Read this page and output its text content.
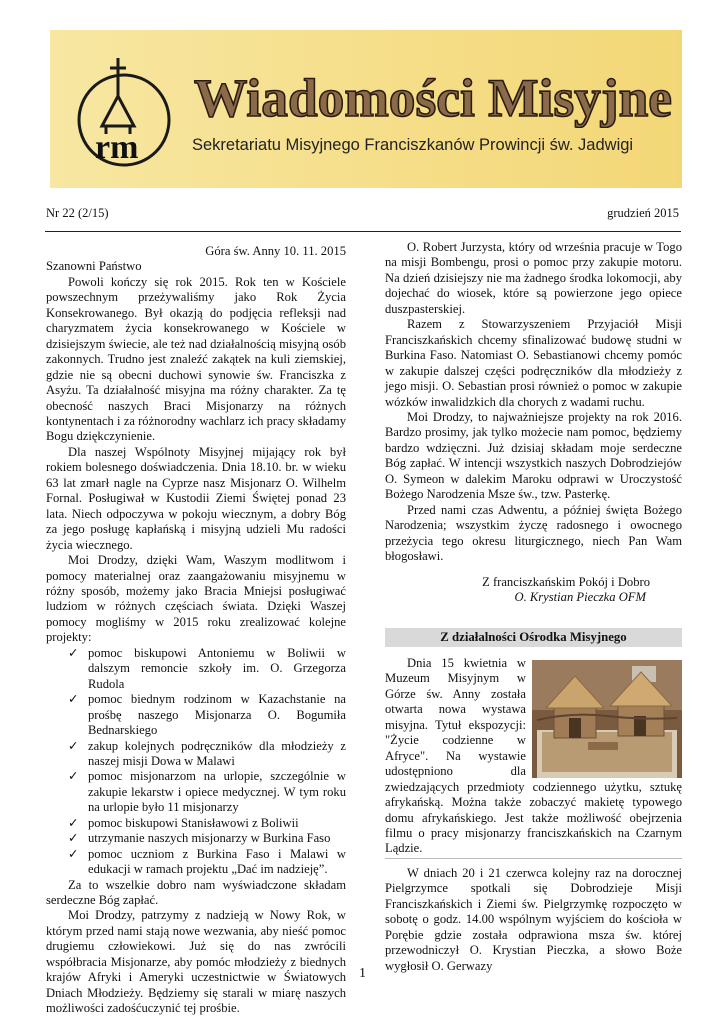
rm
Wiadomości Misyjne
Sekretariatu Misyjnego Franciszkanów Prowincji św. Jadwigi
Nr 22 (2/15)	grudzień 2015

Góra św. Anny 10. 11. 2015

Szanowni Państwo

Powoli kończy się rok 2015. Rok ten w Kościele powszechnym przeżywaliśmy jako Rok Życia Konsekrowanego. Był okazją do podjęcia refleksji nad charyzmatem życia konsekrowanego w Kościele w dzisiejszym świecie, ale też nad działalnością misyjną osób zakonnych. Trudno jest znaleźć zakątek na kuli ziemskiej, gdzie nie są obecni duchowi synowie św. Franciszka z Asyżu. Ta działalność misyjna ma różny charakter. Za tę obecność naszych Braci Misjonarzy na różnych kontynentach i za różnorodny wachlarz ich pracy składamy Bogu dziękczynienie.

Dla naszej Wspólnoty Misyjnej mijający rok był rokiem bolesnego doświadczenia. Dnia 18.10. br. w wieku 63 lat zmarł nagle na Cyprze nasz Misjonarz O. Wilhelm Fornal. Posługiwał w Kustodii Ziemi Świętej ponad 23 lata. Niech odpoczywa w pokoju wiecznym, a dobry Bóg za jego posługę kapłańską i misyjną udzieli Mu radości życia wiecznego.

Moi Drodzy, dzięki Wam, Waszym modlitwom i pomocy materialnej oraz zaangażowaniu misyjnemu w różny sposób, możemy jako Bracia Mniejsi posługiwać ludziom w różnych częściach świata. Dzięki Waszej pomocy mogliśmy w 2015 roku zrealizować kolejne projekty:

✓ pomoc biskupowi Antoniemu w Boliwii w dalszym remoncie szkoły im. O. Grzegorza Rudola
✓ pomoc biednym rodzinom w Kazachstanie na prośbę naszego Misjonarza O. Bogumiła Bednarskiego
✓ zakup kolejnych podręczników dla młodzieży z naszej misji Dowa w Malawi
✓ pomoc misjonarzom na urlopie, szczególnie w zakupie lekarstw i opiece medycznej. W tym roku na urlopie było 11 misjonarzy
✓ pomoc biskupowi Stanisławowi z Boliwii
✓ utrzymanie naszych misjonarzy w Burkina Faso
✓ pomoc uczniom z Burkina Faso i Malawi w edukacji w ramach projektu „Dać im nadzieję”.

Za to wszelkie dobro nam wyświadczone składam serdeczne Bóg zapłać.

Moi Drodzy, patrzymy z nadzieją w Nowy Rok, w którym przed nami stają nowe wezwania, aby nieść pomoc drugiemu człowiekowi. Już się do nas zwrócili współbracia Misjonarze, aby pomóc młodzieży z biednych krajów Afryki i Ameryki uczestnictwie w Światowych Dniach Młodzieży. Będziemy się starali w miarę naszych możliwości zadośćuczynić tej prośbie.

O. Robert Jurzysta, który od września pracuje w Togo na misji Bombengu, prosi o pomoc przy zakupie motoru. Na dzień dzisiejszy nie ma żadnego środka lokomocji, aby dojechać do wiosek, które są powierzone jego opiece duszpasterskiej.

Razem z Stowarzyszeniem Przyjaciół Misji Franciszkańskich chcemy sfinalizować budowę studni w Burkina Faso. Natomiast O. Sebastianowi chcemy pomóc w zakupie dalszej części podręczników dla młodzieży z jego misji. O. Sebastian prosi również o pomoc w zakupie wózków inwalidzkich dla chorych z wadami ruchu.

Moi Drodzy, to najważniejsze projekty na rok 2016. Bardzo prosimy, jak tylko możecie nam pomoc, będziemy bardzo wdzięczni. Już dzisiaj składam moje serdeczne Bóg zapłać. W intencji wszystkich naszych Dobrodziejów O. Symeon w dalekim Maroku odprawi w Uroczystość Bożego Narodzenia Msze św., tzw. Pasterkę.

Przed nami czas Adwentu, a później święta Bożego Narodzenia; wszystkim życzę radosnego i owocnego przeżycia tego okresu liturgicznego, niech Pan Wam błogosławi.

Z franciszkańskim Pokój i Dobro

O. Krystian Pieczka OFM

Z działalności Ośrodka Misyjnego

Dnia 15 kwietnia w Muzeum Misyjnym w Górze św. Anny została otwarta nowa wystawa misyjna. Tytuł ekspozycji: "Życie codzienne w Afryce". Na wystawie udostępniono dla zwiedzających przedmioty codziennego użytku, sztukę afrykańską. Można także zobaczyć makietę typowego domu afrykańskiego. Jest także możliwość obejrzenia filmu o pracy misjonarzy franciszkańskich na Czarnym Lądzie.

W dniach 20 i 21 czerwca kolejny raz na dorocznej Pielgrzymce spotkali się Dobrodzieje Misji Franciszkańskich i Ziemi św. Pielgrzymkę rozpoczęto w sobotę o godz. 14.00 wspólnym wyjściem do kościoła w Porębie gdzie została odprawiona msza św. której przewodniczył O. Krystian Pieczka, a słowo Boże wygłosił O. Gerwazy

1
